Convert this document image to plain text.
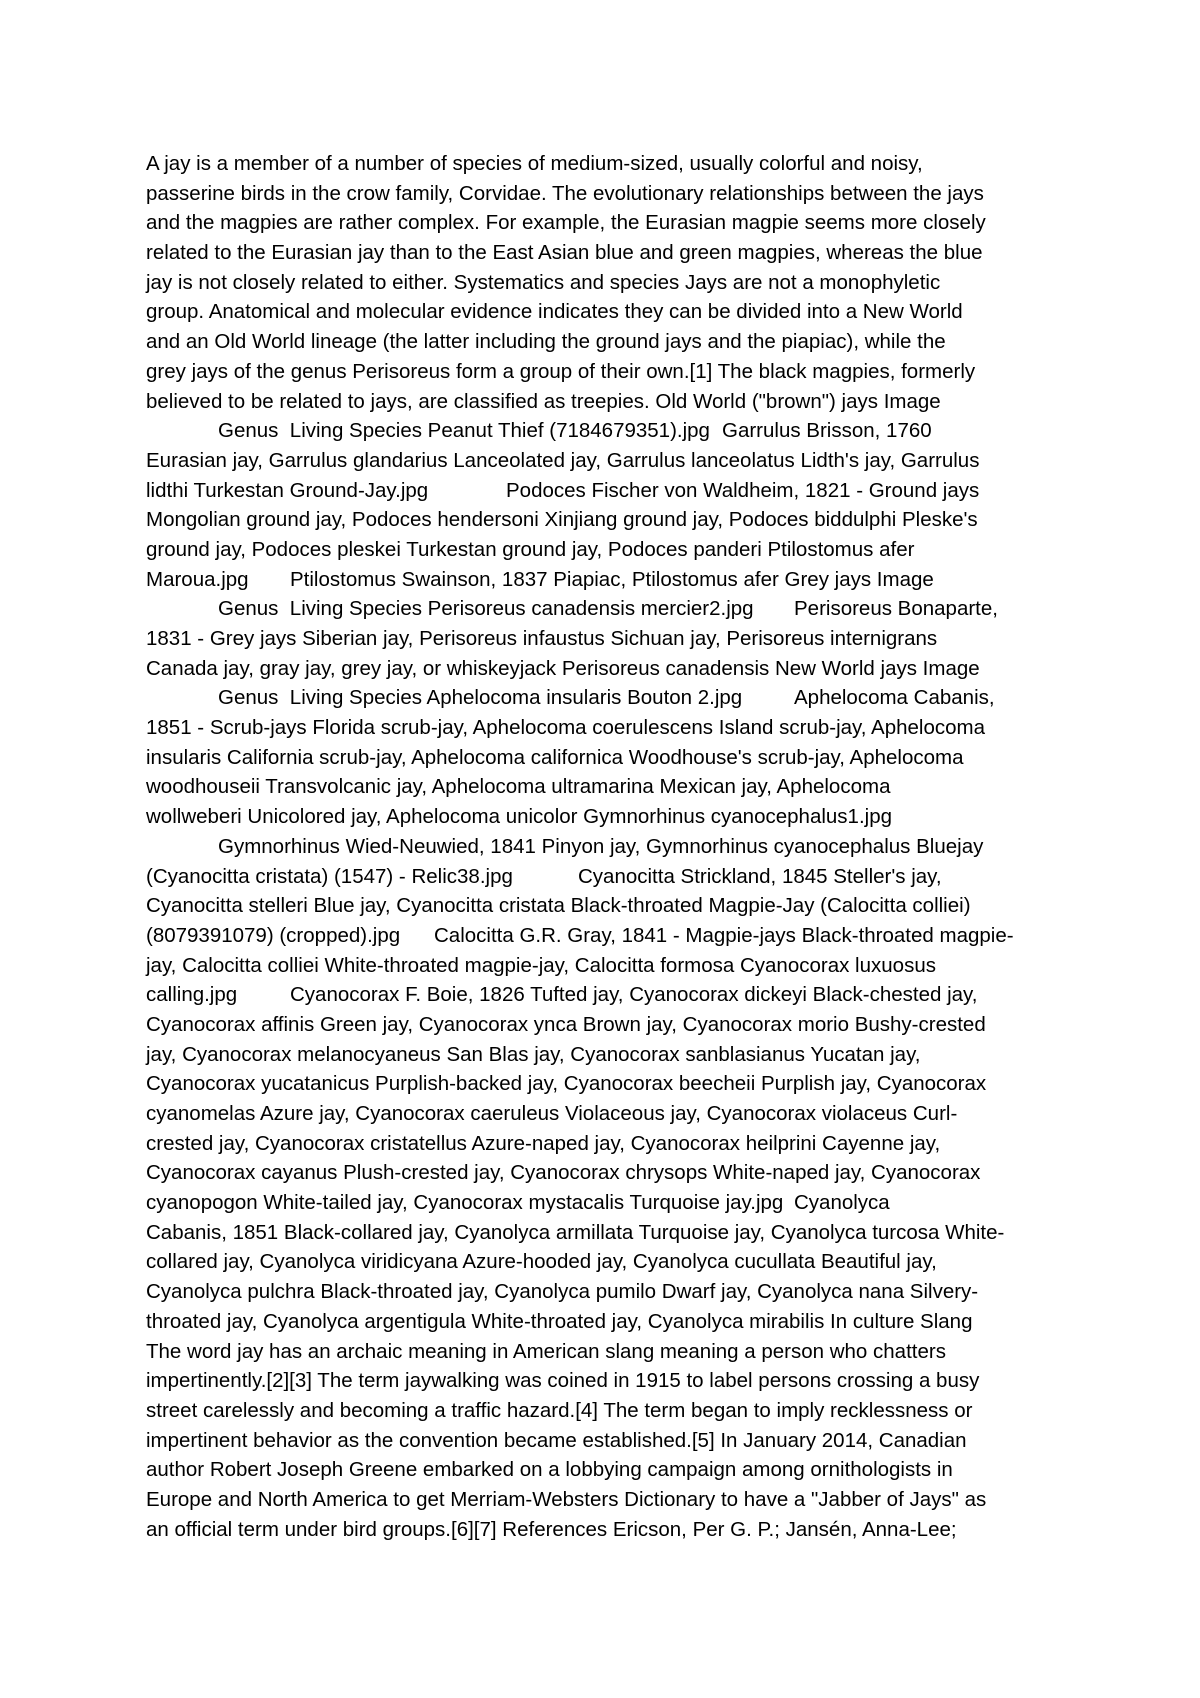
A jay is a member of a number of species of medium-sized, usually colorful and noisy,
passerine birds in the crow family, Corvidae. The evolutionary relationships between the jays
and the magpies are rather complex. For example, the Eurasian magpie seems more closely
related to the Eurasian jay than to the East Asian blue and green magpies, whereas the blue
jay is not closely related to either. Systematics and species Jays are not a monophyletic
group. Anatomical and molecular evidence indicates they can be divided into a New World
and an Old World lineage (the latter including the ground jays and the piapiac), while the
grey jays of the genus Perisoreus form a group of their own.[1] The black magpies, formerly
believed to be related to jays, are classified as treepies. Old World ("brown") jays Image
	Genus  Living Species Peanut Thief (7184679351).jpg	Garrulus Brisson, 1760
Eurasian jay, Garrulus glandarius Lanceolated jay, Garrulus lanceolatus Lidth's jay, Garrulus
lidthi Turkestan Ground-Jay.jpg	Podoces Fischer von Waldheim, 1821 - Ground jays
Mongolian ground jay, Podoces hendersoni Xinjiang ground jay, Podoces biddulphi Pleske's
ground jay, Podoces pleskei Turkestan ground jay, Podoces panderi Ptilostomus afer
Maroua.jpg	Ptilostomus Swainson, 1837 Piapiac, Ptilostomus afer Grey jays Image
	Genus  Living Species Perisoreus canadensis mercier2.jpg	Perisoreus Bonaparte,
1831 - Grey jays Siberian jay, Perisoreus infaustus Sichuan jay, Perisoreus internigrans
Canada jay, gray jay, grey jay, or whiskeyjack Perisoreus canadensis New World jays Image
	Genus  Living Species Aphelocoma insularis Bouton 2.jpg	Aphelocoma Cabanis,
1851 - Scrub-jays Florida scrub-jay, Aphelocoma coerulescens Island scrub-jay, Aphelocoma
insularis California scrub-jay, Aphelocoma californica Woodhouse's scrub-jay, Aphelocoma
woodhouseii Transvolcanic jay, Aphelocoma ultramarina Mexican jay, Aphelocoma
wollweberi Unicolored jay, Aphelocoma unicolor Gymnorhinus cyanocephalus1.jpg
	Gymnorhinus Wied-Neuwied, 1841 Pinyon jay, Gymnorhinus cyanocephalus Bluejay
(Cyanocitta cristata) (1547) - Relic38.jpg	Cyanocitta Strickland, 1845 Steller's jay,
Cyanocitta stelleri Blue jay, Cyanocitta cristata Black-throated Magpie-Jay (Calocitta colliei)
(8079391079) (cropped).jpg	Calocitta G.R. Gray, 1841 - Magpie-jays Black-throated magpie-
jay, Calocitta colliei White-throated magpie-jay, Calocitta formosa Cyanocorax luxuosus
calling.jpg	Cyanocorax F. Boie, 1826 Tufted jay, Cyanocorax dickeyi Black-chested jay,
Cyanocorax affinis Green jay, Cyanocorax ynca Brown jay, Cyanocorax morio Bushy-crested
jay, Cyanocorax melanocyaneus San Blas jay, Cyanocorax sanblasianus Yucatan jay,
Cyanocorax yucatanicus Purplish-backed jay, Cyanocorax beecheii Purplish jay, Cyanocorax
cyanomelas Azure jay, Cyanocorax caeruleus Violaceous jay, Cyanocorax violaceus Curl-
crested jay, Cyanocorax cristatellus Azure-naped jay, Cyanocorax heilprini Cayenne jay,
Cyanocorax cayanus Plush-crested jay, Cyanocorax chrysops White-naped jay, Cyanocorax
cyanopogon White-tailed jay, Cyanocorax mystacalis Turquoise jay.jpg	Cyanolyca
Cabanis, 1851 Black-collared jay, Cyanolyca armillata Turquoise jay, Cyanolyca turcosa White-
collared jay, Cyanolyca viridicyana Azure-hooded jay, Cyanolyca cucullata Beautiful jay,
Cyanolyca pulchra Black-throated jay, Cyanolyca pumilo Dwarf jay, Cyanolyca nana Silvery-
throated jay, Cyanolyca argentigula White-throated jay, Cyanolyca mirabilis In culture Slang
The word jay has an archaic meaning in American slang meaning a person who chatters
impertinently.[2][3] The term jaywalking was coined in 1915 to label persons crossing a busy
street carelessly and becoming a traffic hazard.[4] The term began to imply recklessness or
impertinent behavior as the convention became established.[5] In January 2014, Canadian
author Robert Joseph Greene embarked on a lobbying campaign among ornithologists in
Europe and North America to get Merriam-Websters Dictionary to have a "Jabber of Jays" as
an official term under bird groups.[6][7] References Ericson, Per G. P.; Jansén, Anna-Lee;
